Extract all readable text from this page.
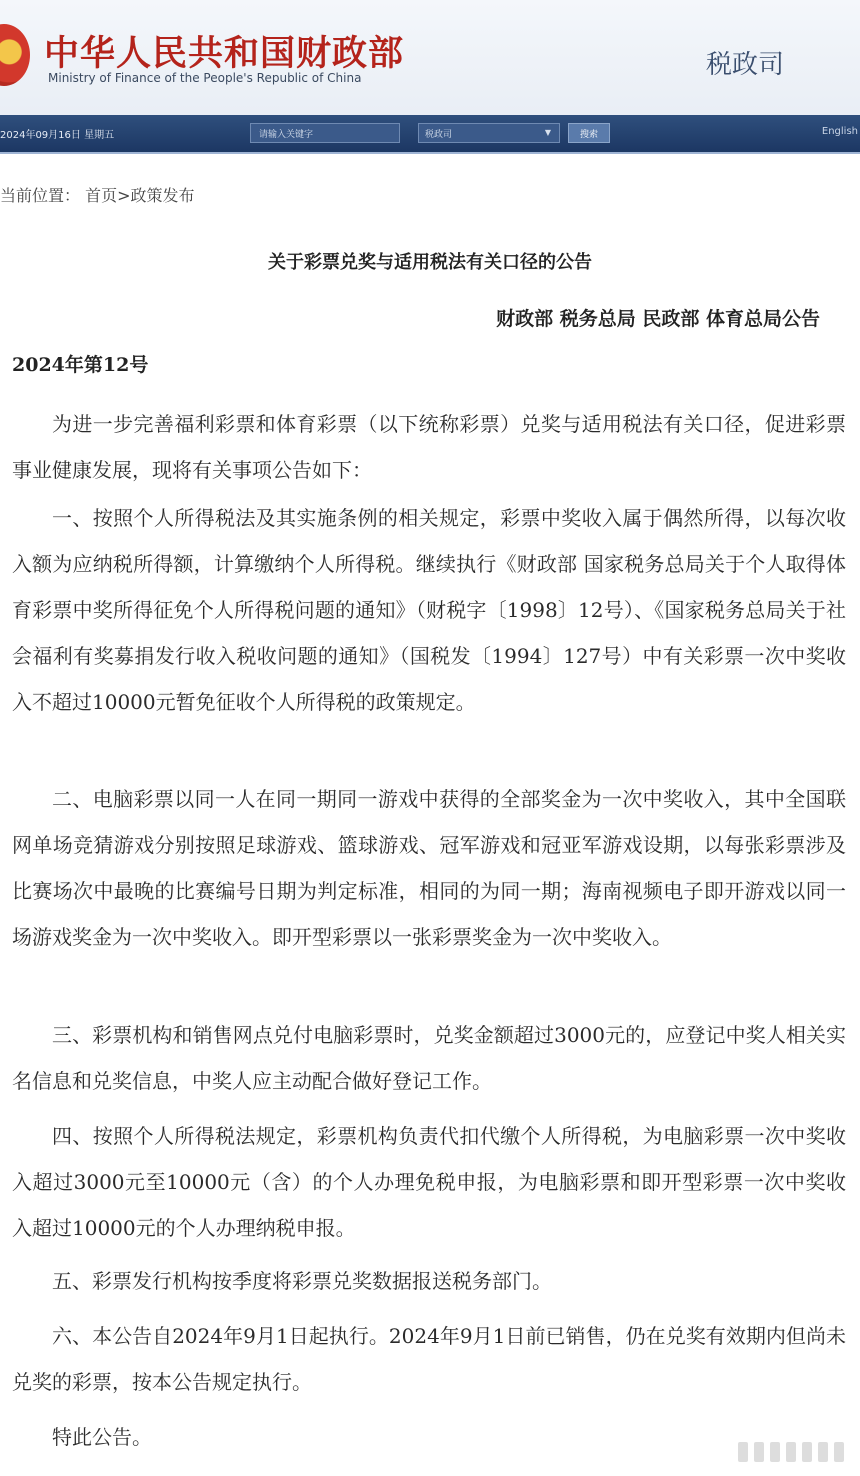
中华人民共和国财政部
Ministry of Finance of the People's Republic of China	税政司
2024年09月16日 星期五	请输入关键字	税政司	▼	搜索	English
当前位置： 首页>政策发布
关于彩票兑奖与适用税法有关口径的公告
财政部 税务总局 民政部 体育总局公告
2024年第12号

为进一步完善福利彩票和体育彩票（以下统称彩票）兑奖与适用税法有关口径，促进彩票事业健康发展，现将有关事项公告如下：

一、按照个人所得税法及其实施条例的相关规定，彩票中奖收入属于偶然所得，以每次收入额为应纳税所得额，计算缴纳个人所得税。继续执行《财政部 国家税务总局关于个人取得体育彩票中奖所得征免个人所得税问题的通知》（财税字〔1998〕12号）、《国家税务总局关于社会福利有奖募捐发行收入税收问题的通知》（国税发〔1994〕127号）中有关彩票一次中奖收入不超过10000元暂免征收个人所得税的政策规定。

二、电脑彩票以同一人在同一期同一游戏中获得的全部奖金为一次中奖收入，其中全国联网单场竞猜游戏分别按照足球游戏、篮球游戏、冠军游戏和冠亚军游戏设期，以每张彩票涉及比赛场次中最晚的比赛编号日期为判定标准，相同的为同一期；海南视频电子即开游戏以同一场游戏奖金为一次中奖收入。即开型彩票以一张彩票奖金为一次中奖收入。

三、彩票机构和销售网点兑付电脑彩票时，兑奖金额超过3000元的，应登记中奖人相关实名信息和兑奖信息，中奖人应主动配合做好登记工作。

四、按照个人所得税法规定，彩票机构负责代扣代缴个人所得税，为电脑彩票一次中奖收入超过3000元至10000元（含）的个人办理免税申报，为电脑彩票和即开型彩票一次中奖收入超过10000元的个人办理纳税申报。

五、彩票发行机构按季度将彩票兑奖数据报送税务部门。

六、本公告自2024年9月1日起执行。2024年9月1日前已销售，仍在兑奖有效期内但尚未兑奖的彩票，按本公告规定执行。

特此公告。
